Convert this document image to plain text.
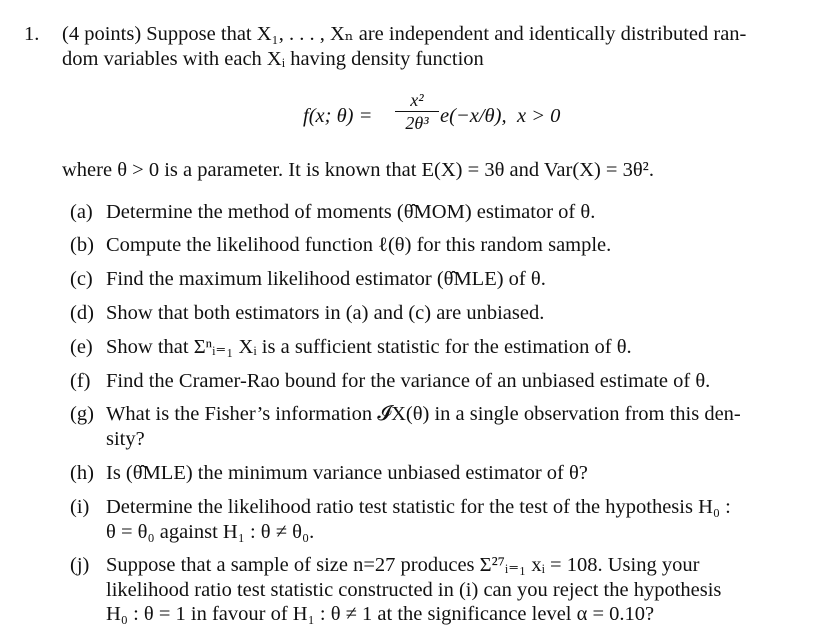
1. (4 points) Suppose that X₁, . . . , Xₙ are independent and identically distributed ran-
dom variables with each Xᵢ having density function
f(x; $\theta) = \frac{\text{x²}}{\text{2θ³}} e(-x/\theta)$, x > 0
where θ > 0 is a parameter. It is known that E(X) = 3θ and Var(X) = 3θ².
(a) Determine the method of moments (θ̂MOM) estimator of θ.
(b) Compute the likelihood function ℓ(θ) for this random sample.
(c) Find the maximum likelihood estimator (θ̂MLE) of θ.
(d) Show that both estimators in (a) and (c) are unbiased.
(e) Show that Σⁿᵢ₌₁ Xᵢ is a sufficient statistic for the estimation of θ.
(f) Find the Cramer-Rao bound for the variance of an unbiased estimate of θ.
(g) What is the Fisher’s information 𝓘X(θ) in a single observation from this den-
sity?
(h) Is (θ̂MLE) the minimum variance unbiased estimator of θ?
(i) Determine the likelihood ratio test statistic for the test of the hypothesis H₀ :
θ = θ₀ against H₁ : θ ≠ θ₀.
(j) Suppose that a sample of size n=27 produces Σ²⁷ᵢ₌₁ xᵢ = 108. Using your
likelihood ratio test statistic constructed in (i) can you reject the hypothesis
H₀ : θ = 1 in favour of H₁ : θ ≠ 1 at the significance level α = 0.10?
